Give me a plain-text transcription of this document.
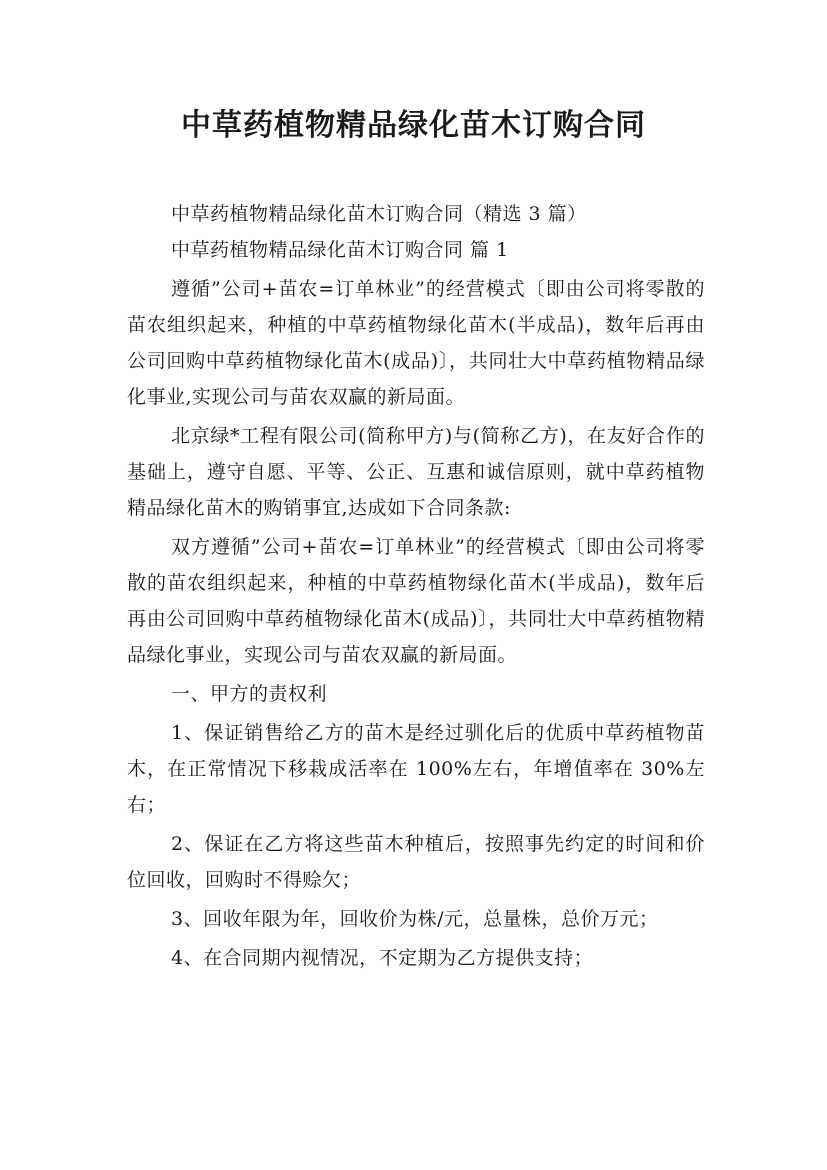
中草药植物精品绿化苗木订购合同

中草药植物精品绿化苗木订购合同（精选 3 篇）

中草药植物精品绿化苗木订购合同 篇 1

遵循”公司+苗农=订单林业”的经营模式〔即由公司将零散的苗农组织起来，种植的中草药植物绿化苗木(半成品)，数年后再由公司回购中草药植物绿化苗木(成品)〕，共同壮大中草药植物精品绿化事业,实现公司与苗农双赢的新局面。

北京绿*工程有限公司(简称甲方)与(简称乙方)，在友好合作的基础上，遵守自愿、平等、公正、互惠和诚信原则，就中草药植物精品绿化苗木的购销事宜,达成如下合同条款:

双方遵循”公司+苗农=订单林业”的经营模式〔即由公司将零散的苗农组织起来，种植的中草药植物绿化苗木(半成品)，数年后再由公司回购中草药植物绿化苗木(成品)〕，共同壮大中草药植物精品绿化事业，实现公司与苗农双赢的新局面。

一、甲方的责权利

1、保证销售给乙方的苗木是经过驯化后的优质中草药植物苗木，在正常情况下移栽成活率在 100%左右，年增值率在 30%左右；

2、保证在乙方将这些苗木种植后，按照事先约定的时间和价位回收，回购时不得赊欠；

3、回收年限为年，回收价为株/元，总量株，总价万元；

4、在合同期内视情况，不定期为乙方提供支持；
